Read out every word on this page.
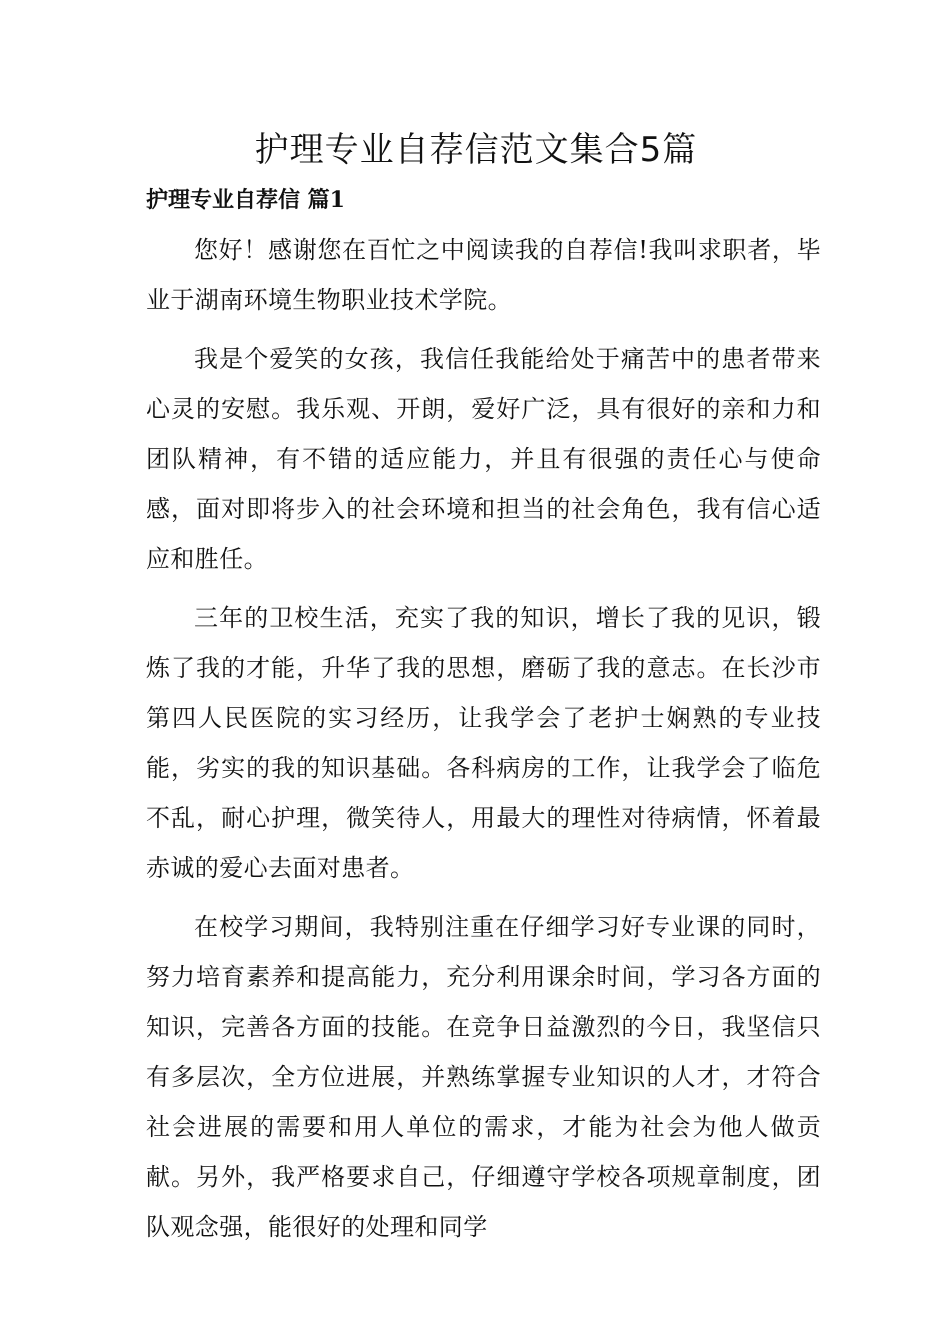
护理专业自荐信范文集合5篇
护理专业自荐信 篇1

您好！感谢您在百忙之中阅读我的自荐信!我叫求职者，毕业于湖南环境生物职业技术学院。

我是个爱笑的女孩，我信任我能给处于痛苦中的患者带来心灵的安慰。我乐观、开朗，爱好广泛，具有很好的亲和力和团队精神，有不错的适应能力，并且有很强的责任心与使命感，面对即将步入的社会环境和担当的社会角色，我有信心适应和胜任。

三年的卫校生活，充实了我的知识，增长了我的见识，锻炼了我的才能，升华了我的思想，磨砺了我的意志。在长沙市第四人民医院的实习经历，让我学会了老护士娴熟的专业技能，劣实的我的知识基础。各科病房的工作，让我学会了临危不乱，耐心护理，微笑待人，用最大的理性对待病情，怀着最赤诚的爱心去面对患者。

在校学习期间，我特别注重在仔细学习好专业课的同时，努力培育素养和提高能力，充分利用课余时间，学习各方面的知识，完善各方面的技能。在竞争日益激烈的今日，我坚信只有多层次，全方位进展，并熟练掌握专业知识的人才，才符合社会进展的需要和用人单位的需求，才能为社会为他人做贡献。另外，我严格要求自己，仔细遵守学校各项规章制度，团队观念强，能很好的处理和同学
